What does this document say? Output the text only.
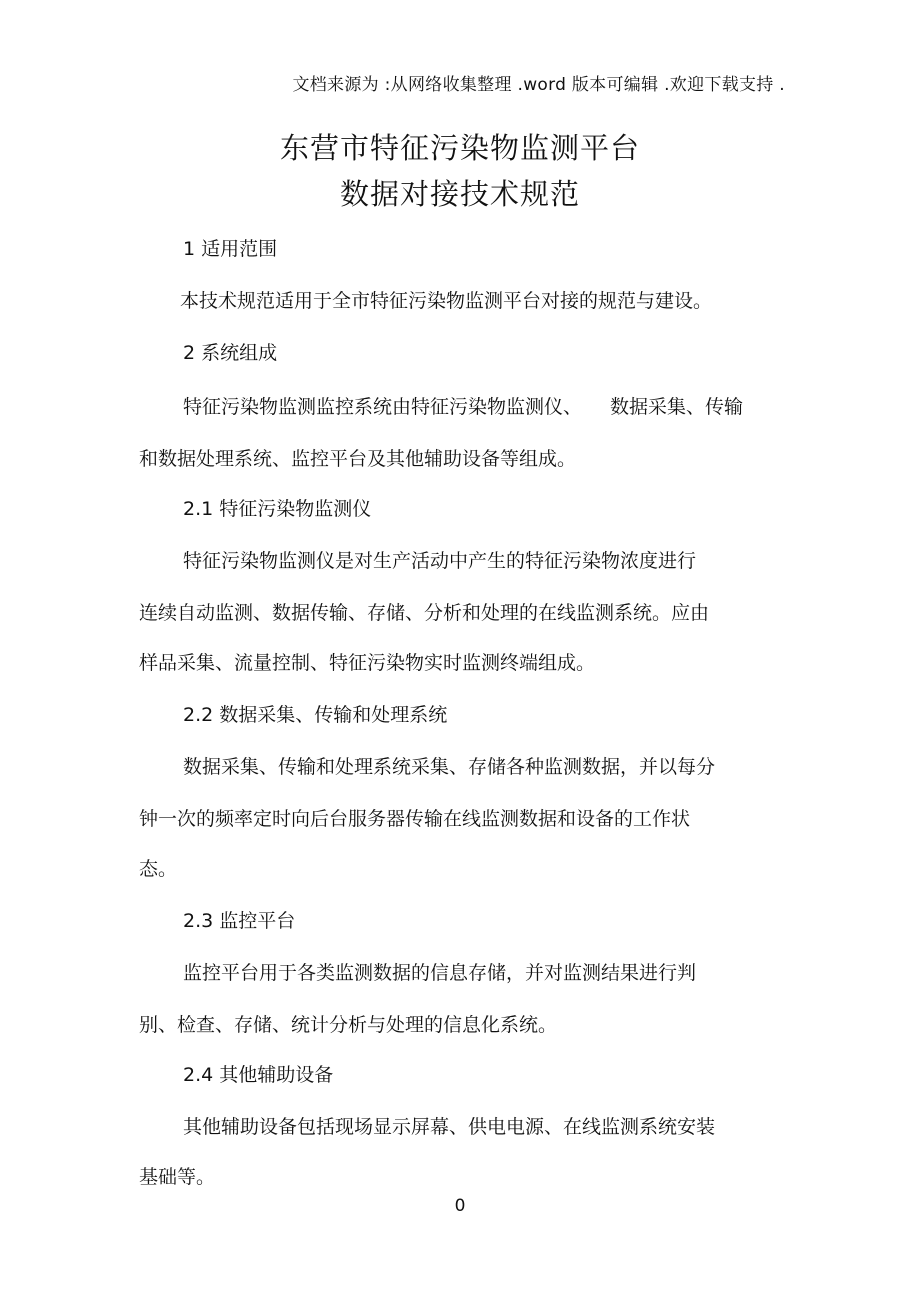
文档来源为 :从网络收集整理 .word 版本可编辑 .欢迎下载支持 .
东营市特征污染物监测平台
数据对接技术规范
1 适用范围
本技术规范适用于全市特征污染物监测平台对接的规范与建设。
2 系统组成
特征污染物监测监控系统由特征污染物监测仪、 数据采集、传输
和数据处理系统、监控平台及其他辅助设备等组成。
2.1 特征污染物监测仪
特征污染物监测仪是对生产活动中产生的特征污染物浓度进行
连续自动监测、数据传输、存储、分析和处理的在线监测系统。应由
样品采集、流量控制、特征污染物实时监测终端组成。
2.2 数据采集、传输和处理系统
数据采集、传输和处理系统采集、存储各种监测数据，并以每分
钟一次的频率定时向后台服务器传输在线监测数据和设备的工作状
态。
2.3 监控平台
监控平台用于各类监测数据的信息存储，并对监测结果进行判
别、检查、存储、统计分析与处理的信息化系统。
2.4 其他辅助设备
其他辅助设备包括现场显示屏幕、供电电源、在线监测系统安装
基础等。
0
